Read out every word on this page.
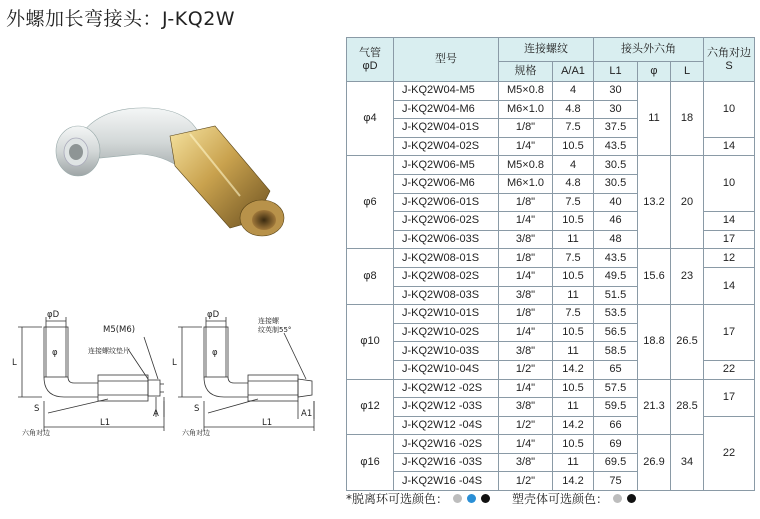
外螺加长弯接头：J-KQ2W
φD
M5(M6)
连接螺纹垫片
φ
L
L1
A
S
六角对边
φD
连接螺
纹英制55°
φ
L
L1
A1
S
六角对边
气管
φD	型号	连接螺纹		接头外六角			六角对边
S
		规格	A/A1	L1	φ	L	
φ4	J-KQ2W04-M5	M5×0.8	4	30	11	18	10
	J-KQ2W04-M6	M6×1.0	4.8	30			
	J-KQ2W04-01S	1/8"	7.5	37.5			
	J-KQ2W04-02S	1/4"	10.5	43.5			14
φ6	J-KQ2W06-M5	M5×0.8	4	30.5	13.2	20	10
	J-KQ2W06-M6	M6×1.0	4.8	30.5			
	J-KQ2W06-01S	1/8"	7.5	40			
	J-KQ2W06-02S	1/4"	10.5	46			14
	J-KQ2W06-03S	3/8"	11	48			17
φ8	J-KQ2W08-01S	1/8"	7.5	43.5	15.6	23	12
	J-KQ2W08-02S	1/4"	10.5	49.5			14
	J-KQ2W08-03S	3/8"	11	51.5			
φ10	J-KQ2W10-01S	1/8"	7.5	53.5	18.8	26.5	17
	J-KQ2W10-02S	1/4"	10.5	56.5			
	J-KQ2W10-03S	3/8"	11	58.5			
	J-KQ2W10-04S	1/2"	14.2	65			22
φ12	J-KQ2W12 -02S	1/4"	10.5	57.5	21.3	28.5	17
	J-KQ2W12 -03S	3/8"	11	59.5			
	J-KQ2W12 -04S	1/2"	14.2	66			22
φ16	J-KQ2W16 -02S	1/4"	10.5	69	26.9	34	
	J-KQ2W16 -03S	3/8"	11	69.5			
	J-KQ2W16 -04S	1/2"	14.2	75			
*脱离环可选颜色：	塑壳体可选颜色：
